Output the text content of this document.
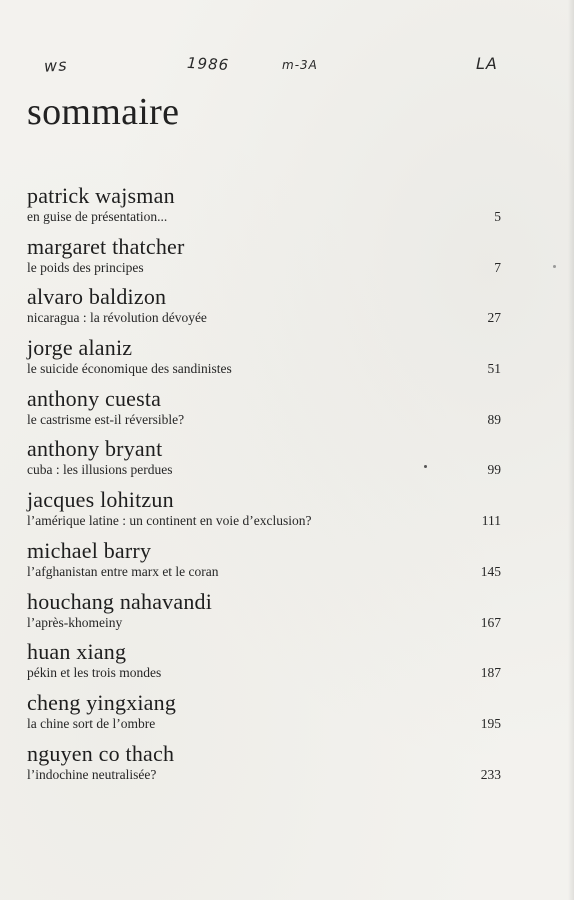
ws	1986	m-3A	LA
sommaire
patrick wajsman
en guise de présentation...	5
margaret thatcher
le poids des principes	7
alvaro baldizon
nicaragua : la révolution dévoyée	27
jorge alaniz
le suicide économique des sandinistes	51
anthony cuesta
le castrisme est-il réversible?	89
anthony bryant
cuba : les illusions perdues	99
jacques lohitzun
l’amérique latine : un continent en voie d’exclusion?	111
michael barry
l’afghanistan entre marx et le coran	145
houchang nahavandi
l’après-khomeiny	167
huan xiang
pékin et les trois mondes	187
cheng yingxiang
la chine sort de l’ombre	195
nguyen co thach
l’indochine neutralisée?	233
